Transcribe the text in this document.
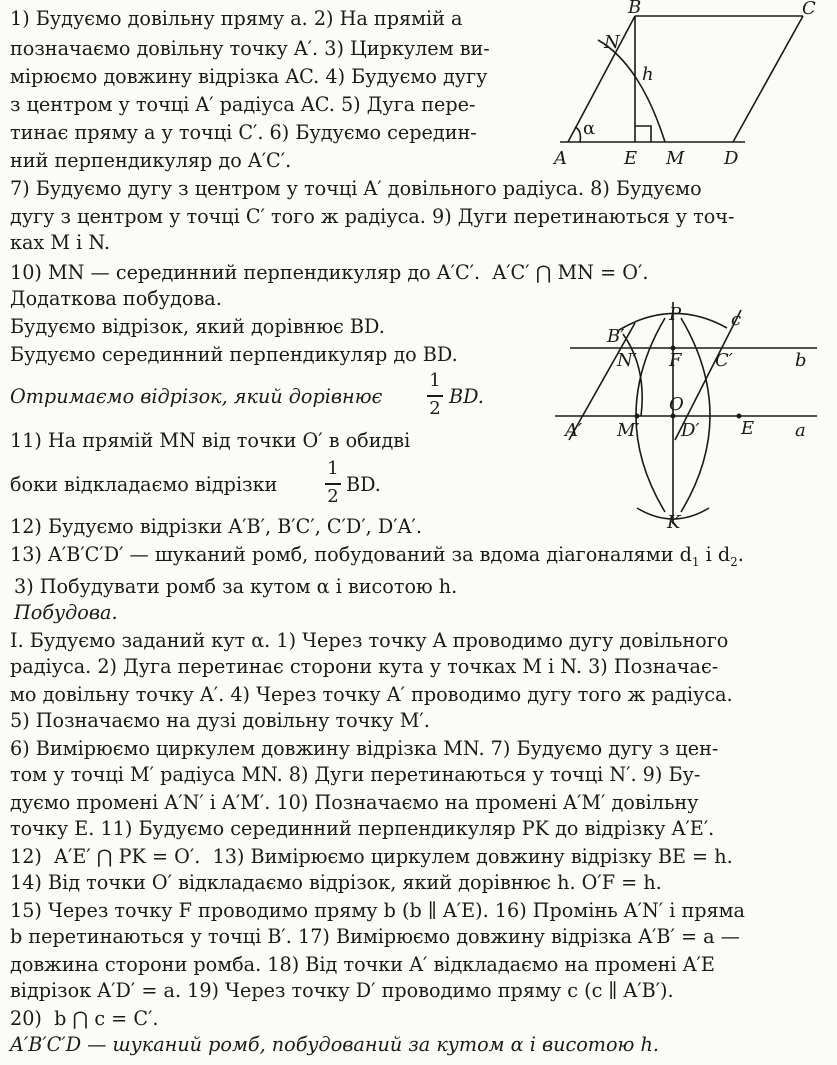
1) Будуємо довільну пряму a. 2) На прямій a

позначаємо довільну точку A′. 3) Циркулем ви-

мірюємо довжину відрізка AC. 4) Будуємо дугу

з центром у точці A′ радіуса AC. 5) Дуга пере-

тинає пряму a у точці C′. 6) Будуємо середин-

ний перпендикуляр до A′C′.

7) Будуємо дугу з центром у точці A′ довільного радіуса. 8) Будуємо

дугу з центром у точці C′ того ж радіуса. 9) Дуги перетинаються у точ-

ках M і N.

10) MN — серединний перпендикуляр до A′C′.  A′C′ ⋂ MN = O′.

Додаткова побудова.

Будуємо відрізок, який дорівнює BD.

Будуємо серединний перпендикуляр до BD.

Отримаємо відрізок, який дорівнює

1
2

BD.

11) На прямій MN від точки O′ в обидві

боки відкладаємо відрізки

1
2

BD.

12) Будуємо відрізки A′B′, B′C′, C′D′, D′A′.

13) A′B′C′D′ — шуканий ромб, побудований за вдома діагоналями $d_1$ і $d_2$.

3) Побудувати ромб за кутом α і висотою h.

Побудова.

І. Будуємо заданий кут α. 1) Через точку A проводимо дугу довільного

радіуса. 2) Дуга перетинає сторони кута у точках M і N. 3) Позначає-

мо довільну точку A′. 4) Через точку A′ проводимо дугу того ж радіуса.

5) Позначаємо на дузі довільну точку M′.

6) Вимірюємо циркулем довжину відрізка MN. 7) Будуємо дугу з цен-

том у точці M′ радіуса MN. 8) Дуги перетинаються у точці N′. 9) Бу-

дуємо промені A′N′ і A′M′. 10) Позначаємо на промені A′M′ довільну

точку E. 11) Будуємо серединний перпендикуляр PK до відрізку A′E′.

12)  A′E′ ⋂ PK = O′.  13) Вимірюємо циркулем довжину відрізку BE = h.

14) Від точки O′ відкладаємо відрізок, який дорівнює h. O′F = h.

15) Через точку F проводимо пряму b (b ∥ A′E). 16) Промінь A′N′ і пряма

b перетинаються у точці B′. 17) Вимірюємо довжину відрізка A′B′ = a —

довжина сторони ромба. 18) Від точки A′ відкладаємо на промені A′E

відрізок A′D′ = a. 19) Через точку D′ проводимо пряму c (c ∥ A′B′).

20)  b ⋂ c = C′.

A′B′C′D — шуканий ромб, побудований за кутом α і висотою h.

B	C
N
h
α
A	E M D
P	c
B′
N′ F C′	b
O
A′ M′ D′ E a
K
